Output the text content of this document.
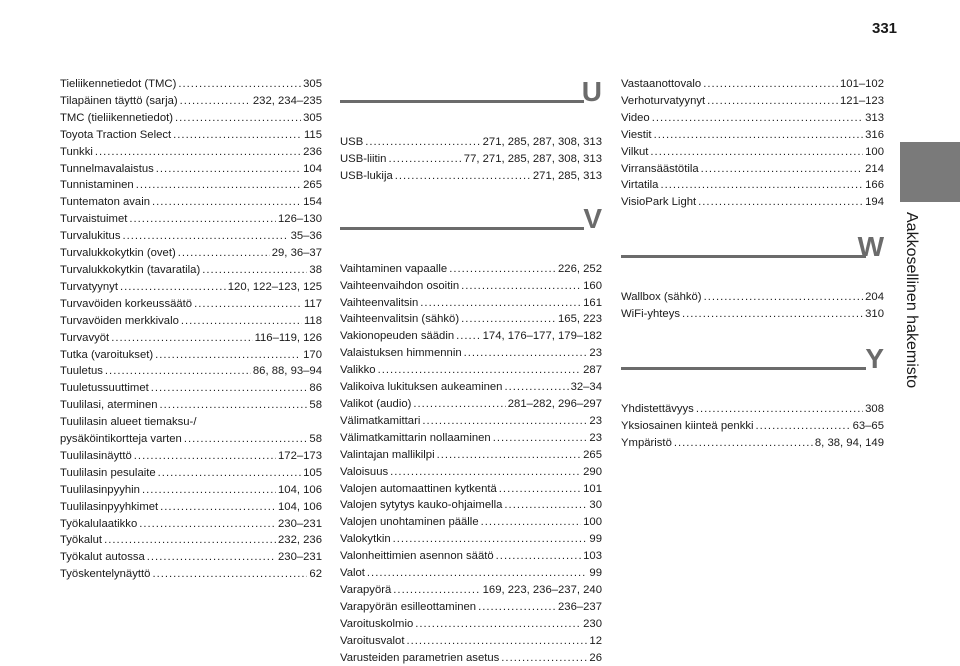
331
Aakkosellinen hakemisto
Tieliikennetiedot (TMC) .....	305
Tilapäinen täyttö (sarja) .....	232, 234–235
TMC (tieliikennetiedot) .....	305
Toyota Traction Select .....	115
Tunkki .....	236
Tunnelmavalaistus .....	104
Tunnistaminen .....	265
Tuntematon avain .....	154
Turvaistuimet .....	126–130
Turvalukitus .....	35–36
Turvalukkokytkin (ovet) .....	29, 36–37
Turvalukkokytkin (tavaratila) .....	38
Turvatyynyt .....	120, 122–123, 125
Turvavöiden korkeussäätö .....	117
Turvavöiden merkkivalo .....	118
Turvavyöt .....	116–119, 126
Tutka (varoitukset) .....	170
Tuuletus .....	86, 88, 93–94
Tuuletussuuttimet .....	86
Tuulilasi, aterminen .....	58
Tuulilasin alueet tiemaksu-/
pysäköintikortteja varten .....	58
Tuulilasinäyttö .....	172–173
Tuulilasin pesulaite .....	105
Tuulilasinpyyhin .....	104, 106
Tuulilasinpyyhkimet .....	104, 106
Työkalulaatikko .....	230–231
Työkalut .....	232, 236
Työkalut autossa .....	230–231
Työskentelynäyttö .....	62
U
USB .....	271, 285, 287, 308, 313
USB-liitin .....	77, 271, 285, 287, 308, 313
USB-lukija .....	271, 285, 313
V
Vaihtaminen vapaalle .....	226, 252
Vaihteenvaihdon osoitin .....	160
Vaihteenvalitsin .....	161
Vaihteenvalitsin (sähkö) .....	165, 223
Vakionopeuden säädin .....	174, 176–177, 179–182
Valaistuksen himmennin .....	23
Valikko .....	287
Valikoiva lukituksen aukeaminen .....	32–34
Valikot (audio) .....	281–282, 296–297
Välimatkamittari .....	23
Välimatkamittarin nollaaminen .....	23
Valintajan mallikilpi .....	265
Valoisuus .....	290
Valojen automaattinen kytkentä .....	101
Valojen sytytys kauko-ohjaimella .....	30
Valojen unohtaminen päälle .....	100
Valokytkin .....	99
Valonheittimien asennon säätö .....	103
Valot .....	99
Varapyörä .....	169, 223, 236–237, 240
Varapyörän esilleottaminen .....	236–237
Varoituskolmio .....	230
Varoitusvalot .....	12
Varusteiden parametrien asetus .....	26
Vastaanottovalo .....	101–102
Verhoturvatyynyt .....	121–123
Video .....	313
Viestit .....	316
Vilkut .....	100
Virransäästötila .....	214
Virtatila .....	166
VisioPark Light .....	194
W
Wallbox (sähkö) .....	204
WiFi-yhteys .....	310
Y
Yhdistettävyys .....	308
Yksiosainen kiinteä penkki .....	63–65
Ympäristö .....	8, 38, 94, 149
